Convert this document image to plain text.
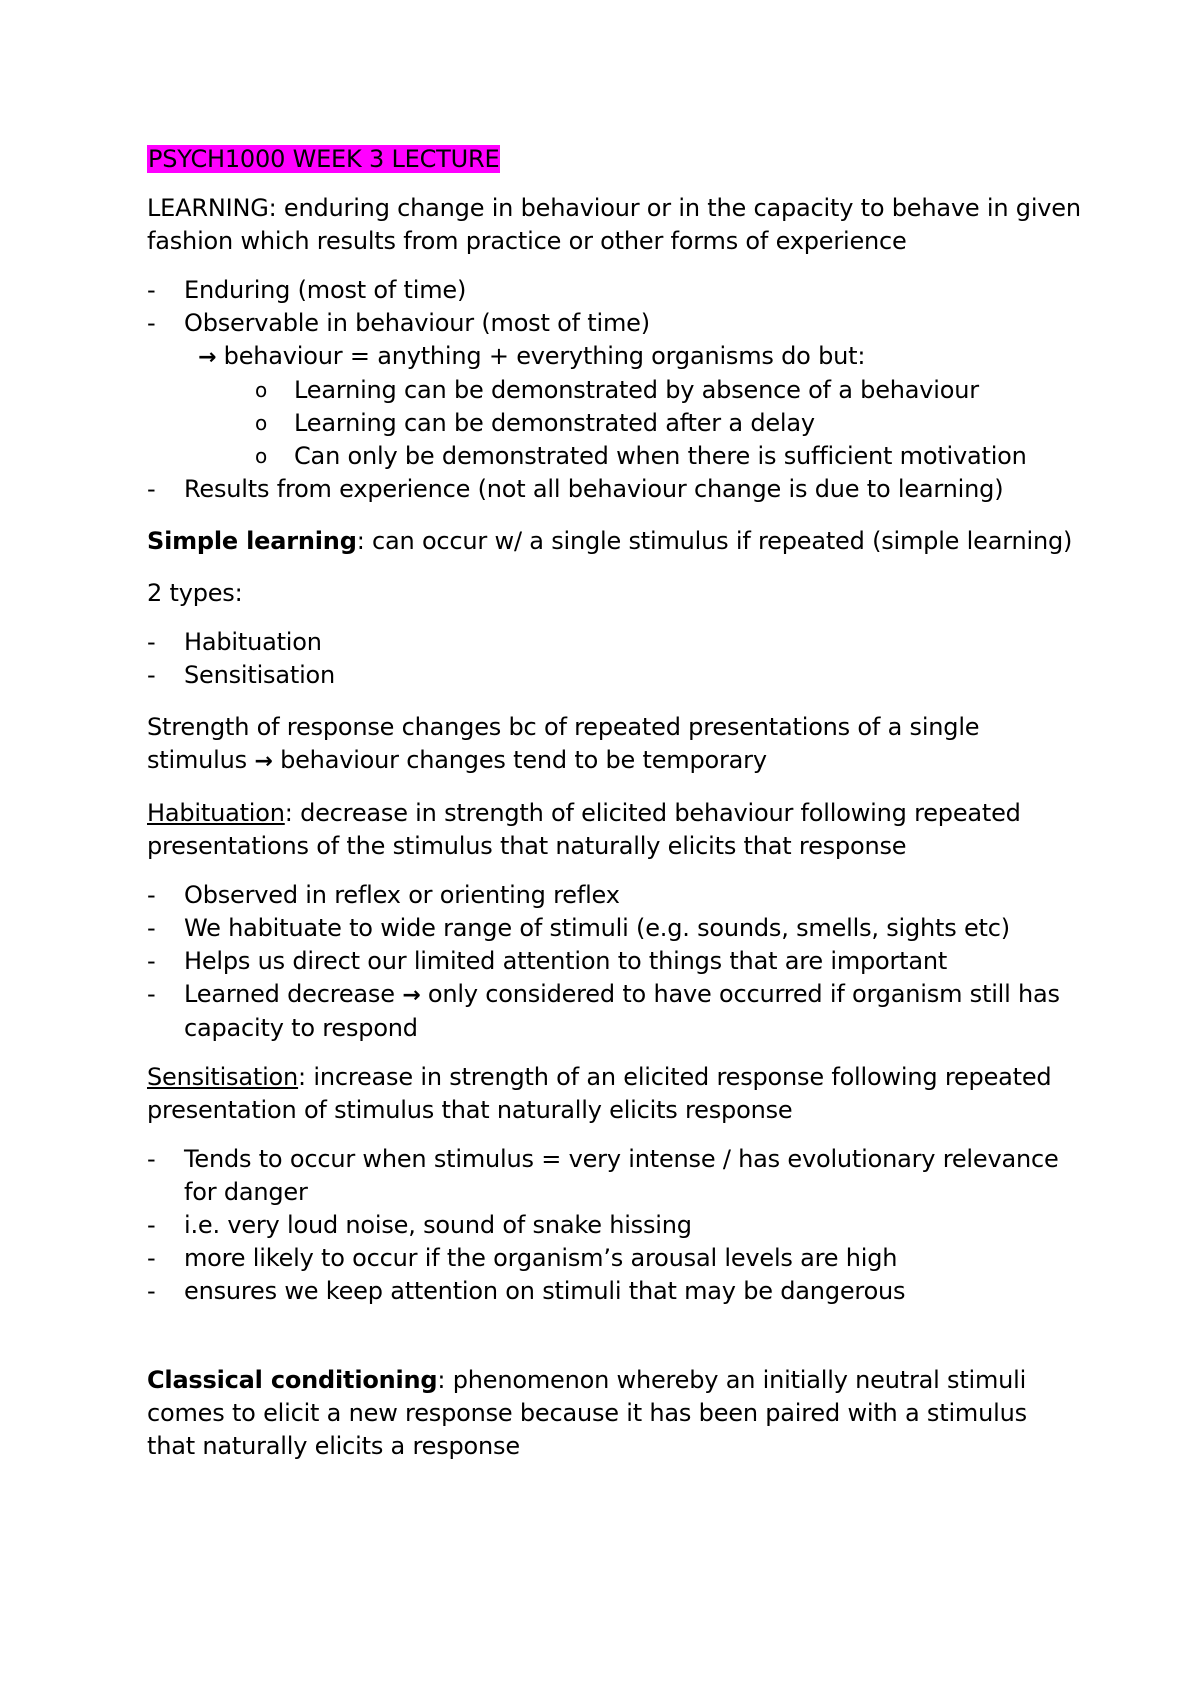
PSYCH1000 WEEK 3 LECTURE

LEARNING: enduring change in behaviour or in the capacity to behave in given fashion which results from practice or other forms of experience

- Enduring (most of time)
- Observable in behaviour (most of time)
→ behaviour = anything + everything organisms do but:
o Learning can be demonstrated by absence of a behaviour
o Learning can be demonstrated after a delay
o Can only be demonstrated when there is sufficient motivation
- Results from experience (not all behaviour change is due to learning)

Simple learning: can occur w/ a single stimulus if repeated (simple learning)

2 types:

- Habituation
- Sensitisation

Strength of response changes bc of repeated presentations of a single stimulus → behaviour changes tend to be temporary

Habituation: decrease in strength of elicited behaviour following repeated presentations of the stimulus that naturally elicits that response

- Observed in reflex or orienting reflex
- We habituate to wide range of stimuli (e.g. sounds, smells, sights etc)
- Helps us direct our limited attention to things that are important
- Learned decrease → only considered to have occurred if organism still has capacity to respond

Sensitisation: increase in strength of an elicited response following repeated presentation of stimulus that naturally elicits response

- Tends to occur when stimulus = very intense / has evolutionary relevance for danger
- i.e. very loud noise, sound of snake hissing
- more likely to occur if the organism’s arousal levels are high
- ensures we keep attention on stimuli that may be dangerous

Classical conditioning: phenomenon whereby an initially neutral stimuli comes to elicit a new response because it has been paired with a stimulus that naturally elicits a response
